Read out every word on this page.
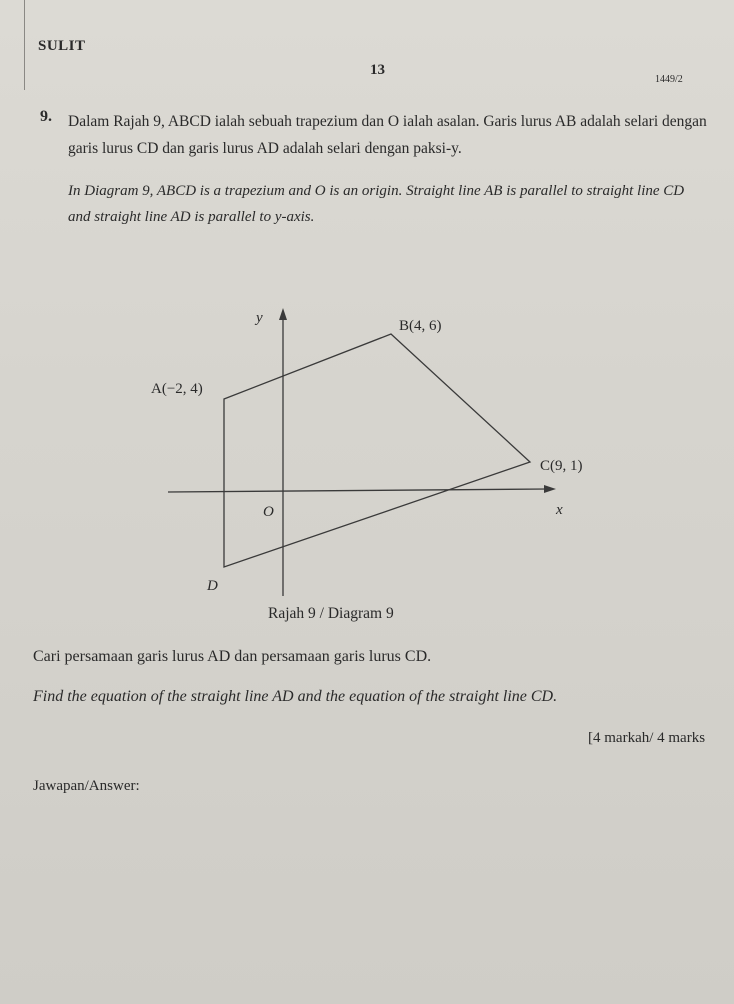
SULIT
13
1449/2
9. Dalam Rajah 9, ABCD ialah sebuah trapezium dan O ialah asalan. Garis lurus AB adalah selari dengan garis lurus CD dan garis lurus AD adalah selari dengan paksi-y.
In Diagram 9, ABCD is a trapezium and O is an origin. Straight line AB is parallel to straight line CD and straight line AD is parallel to y-axis.
y
x
O
A(−2, 4)
B(4, 6)
C(9, 1)
D
Rajah 9 / Diagram 9
Cari persamaan garis lurus AD dan persamaan garis lurus CD.
Find the equation of the straight line AD and the equation of the straight line CD.
[4 markah/ 4 marks
Jawapan/Answer:
